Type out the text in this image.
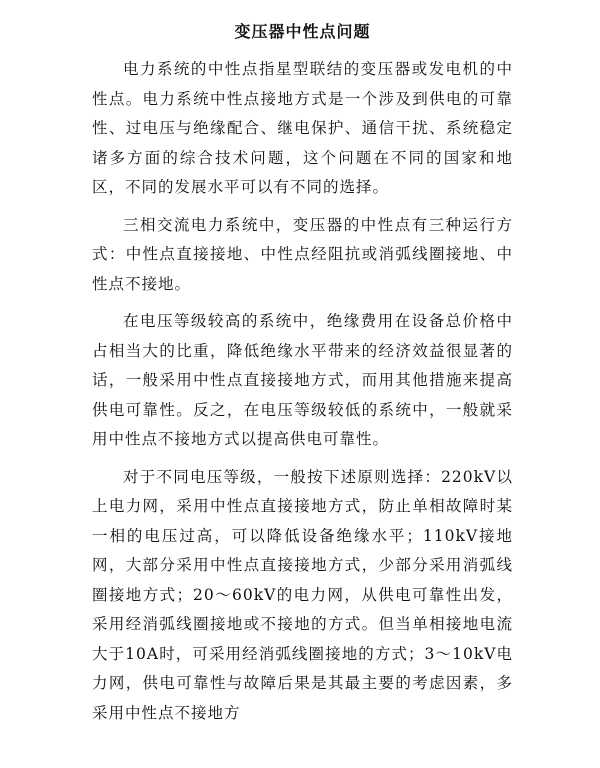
变压器中性点问题

电力系统的中性点指星型联结的变压器或发电机的中性点。电力系统中性点接地方式是一个涉及到供电的可靠性、过电压与绝缘配合、继电保护、通信干扰、系统稳定诸多方面的综合技术问题，这个问题在不同的国家和地区，不同的发展水平可以有不同的选择。

三相交流电力系统中，变压器的中性点有三种运行方式：中性点直接接地、中性点经阻抗或消弧线圈接地、中性点不接地。

在电压等级较高的系统中，绝缘费用在设备总价格中占相当大的比重，降低绝缘水平带来的经济效益很显著的话，一般采用中性点直接接地方式，而用其他措施来提高供电可靠性。反之，在电压等级较低的系统中，一般就采用中性点不接地方式以提高供电可靠性。

对于不同电压等级，一般按下述原则选择：220kV以上电力网，采用中性点直接接地方式，防止单相故障时某一相的电压过高，可以降低设备绝缘水平；110kV接地网，大部分采用中性点直接接地方式，少部分采用消弧线圈接地方式；20～60kV的电力网，从供电可靠性出发，采用经消弧线圈接地或不接地的方式。但当单相接地电流大于10A时，可采用经消弧线圈接地的方式；3～10kV电力网，供电可靠性与故障后果是其最主要的考虑因素，多采用中性点不接地方
